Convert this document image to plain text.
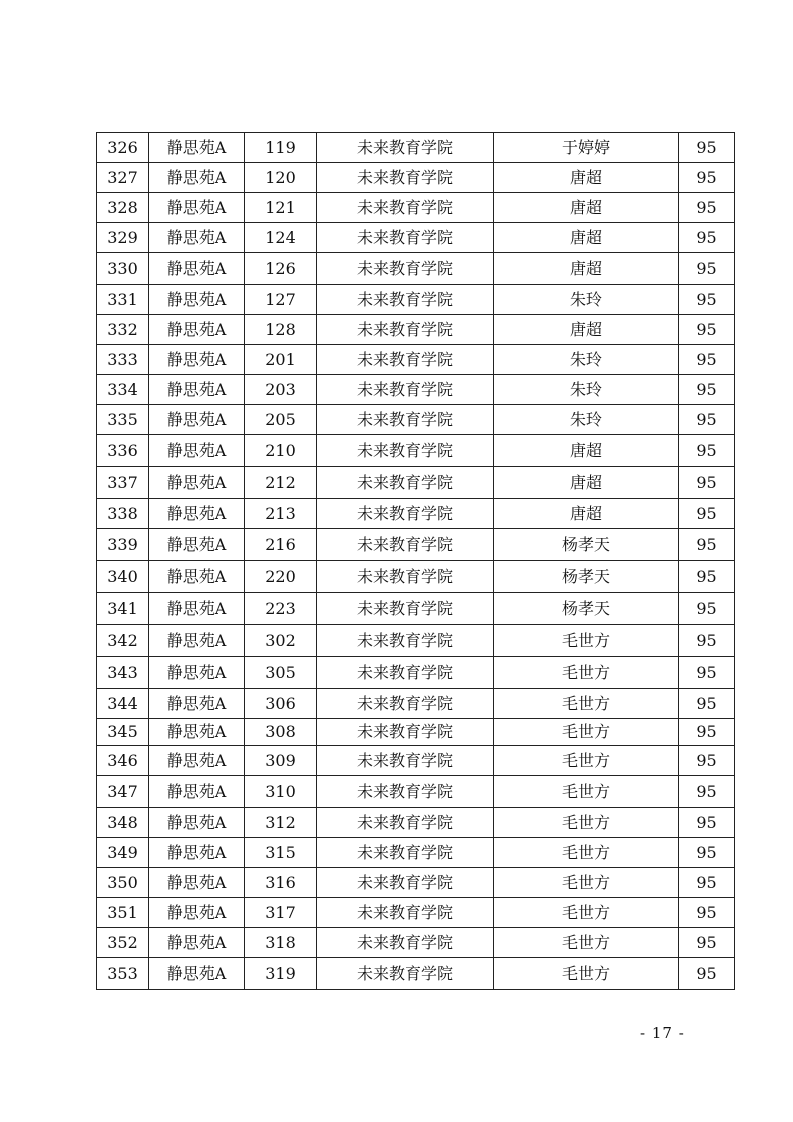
326	静思苑A	119	未来教育学院	于婷婷	95
327	静思苑A	120	未来教育学院	唐超	95
328	静思苑A	121	未来教育学院	唐超	95
329	静思苑A	124	未来教育学院	唐超	95
330	静思苑A	126	未来教育学院	唐超	95
331	静思苑A	127	未来教育学院	朱玲	95
332	静思苑A	128	未来教育学院	唐超	95
333	静思苑A	201	未来教育学院	朱玲	95
334	静思苑A	203	未来教育学院	朱玲	95
335	静思苑A	205	未来教育学院	朱玲	95
336	静思苑A	210	未来教育学院	唐超	95
337	静思苑A	212	未来教育学院	唐超	95
338	静思苑A	213	未来教育学院	唐超	95
339	静思苑A	216	未来教育学院	杨孝天	95
340	静思苑A	220	未来教育学院	杨孝天	95
341	静思苑A	223	未来教育学院	杨孝天	95
342	静思苑A	302	未来教育学院	毛世方	95
343	静思苑A	305	未来教育学院	毛世方	95
344	静思苑A	306	未来教育学院	毛世方	95
345	静思苑A	308	未来教育学院	毛世方	95
346	静思苑A	309	未来教育学院	毛世方	95
347	静思苑A	310	未来教育学院	毛世方	95
348	静思苑A	312	未来教育学院	毛世方	95
349	静思苑A	315	未来教育学院	毛世方	95
350	静思苑A	316	未来教育学院	毛世方	95
351	静思苑A	317	未来教育学院	毛世方	95
352	静思苑A	318	未来教育学院	毛世方	95
353	静思苑A	319	未来教育学院	毛世方	95
- 17 -
